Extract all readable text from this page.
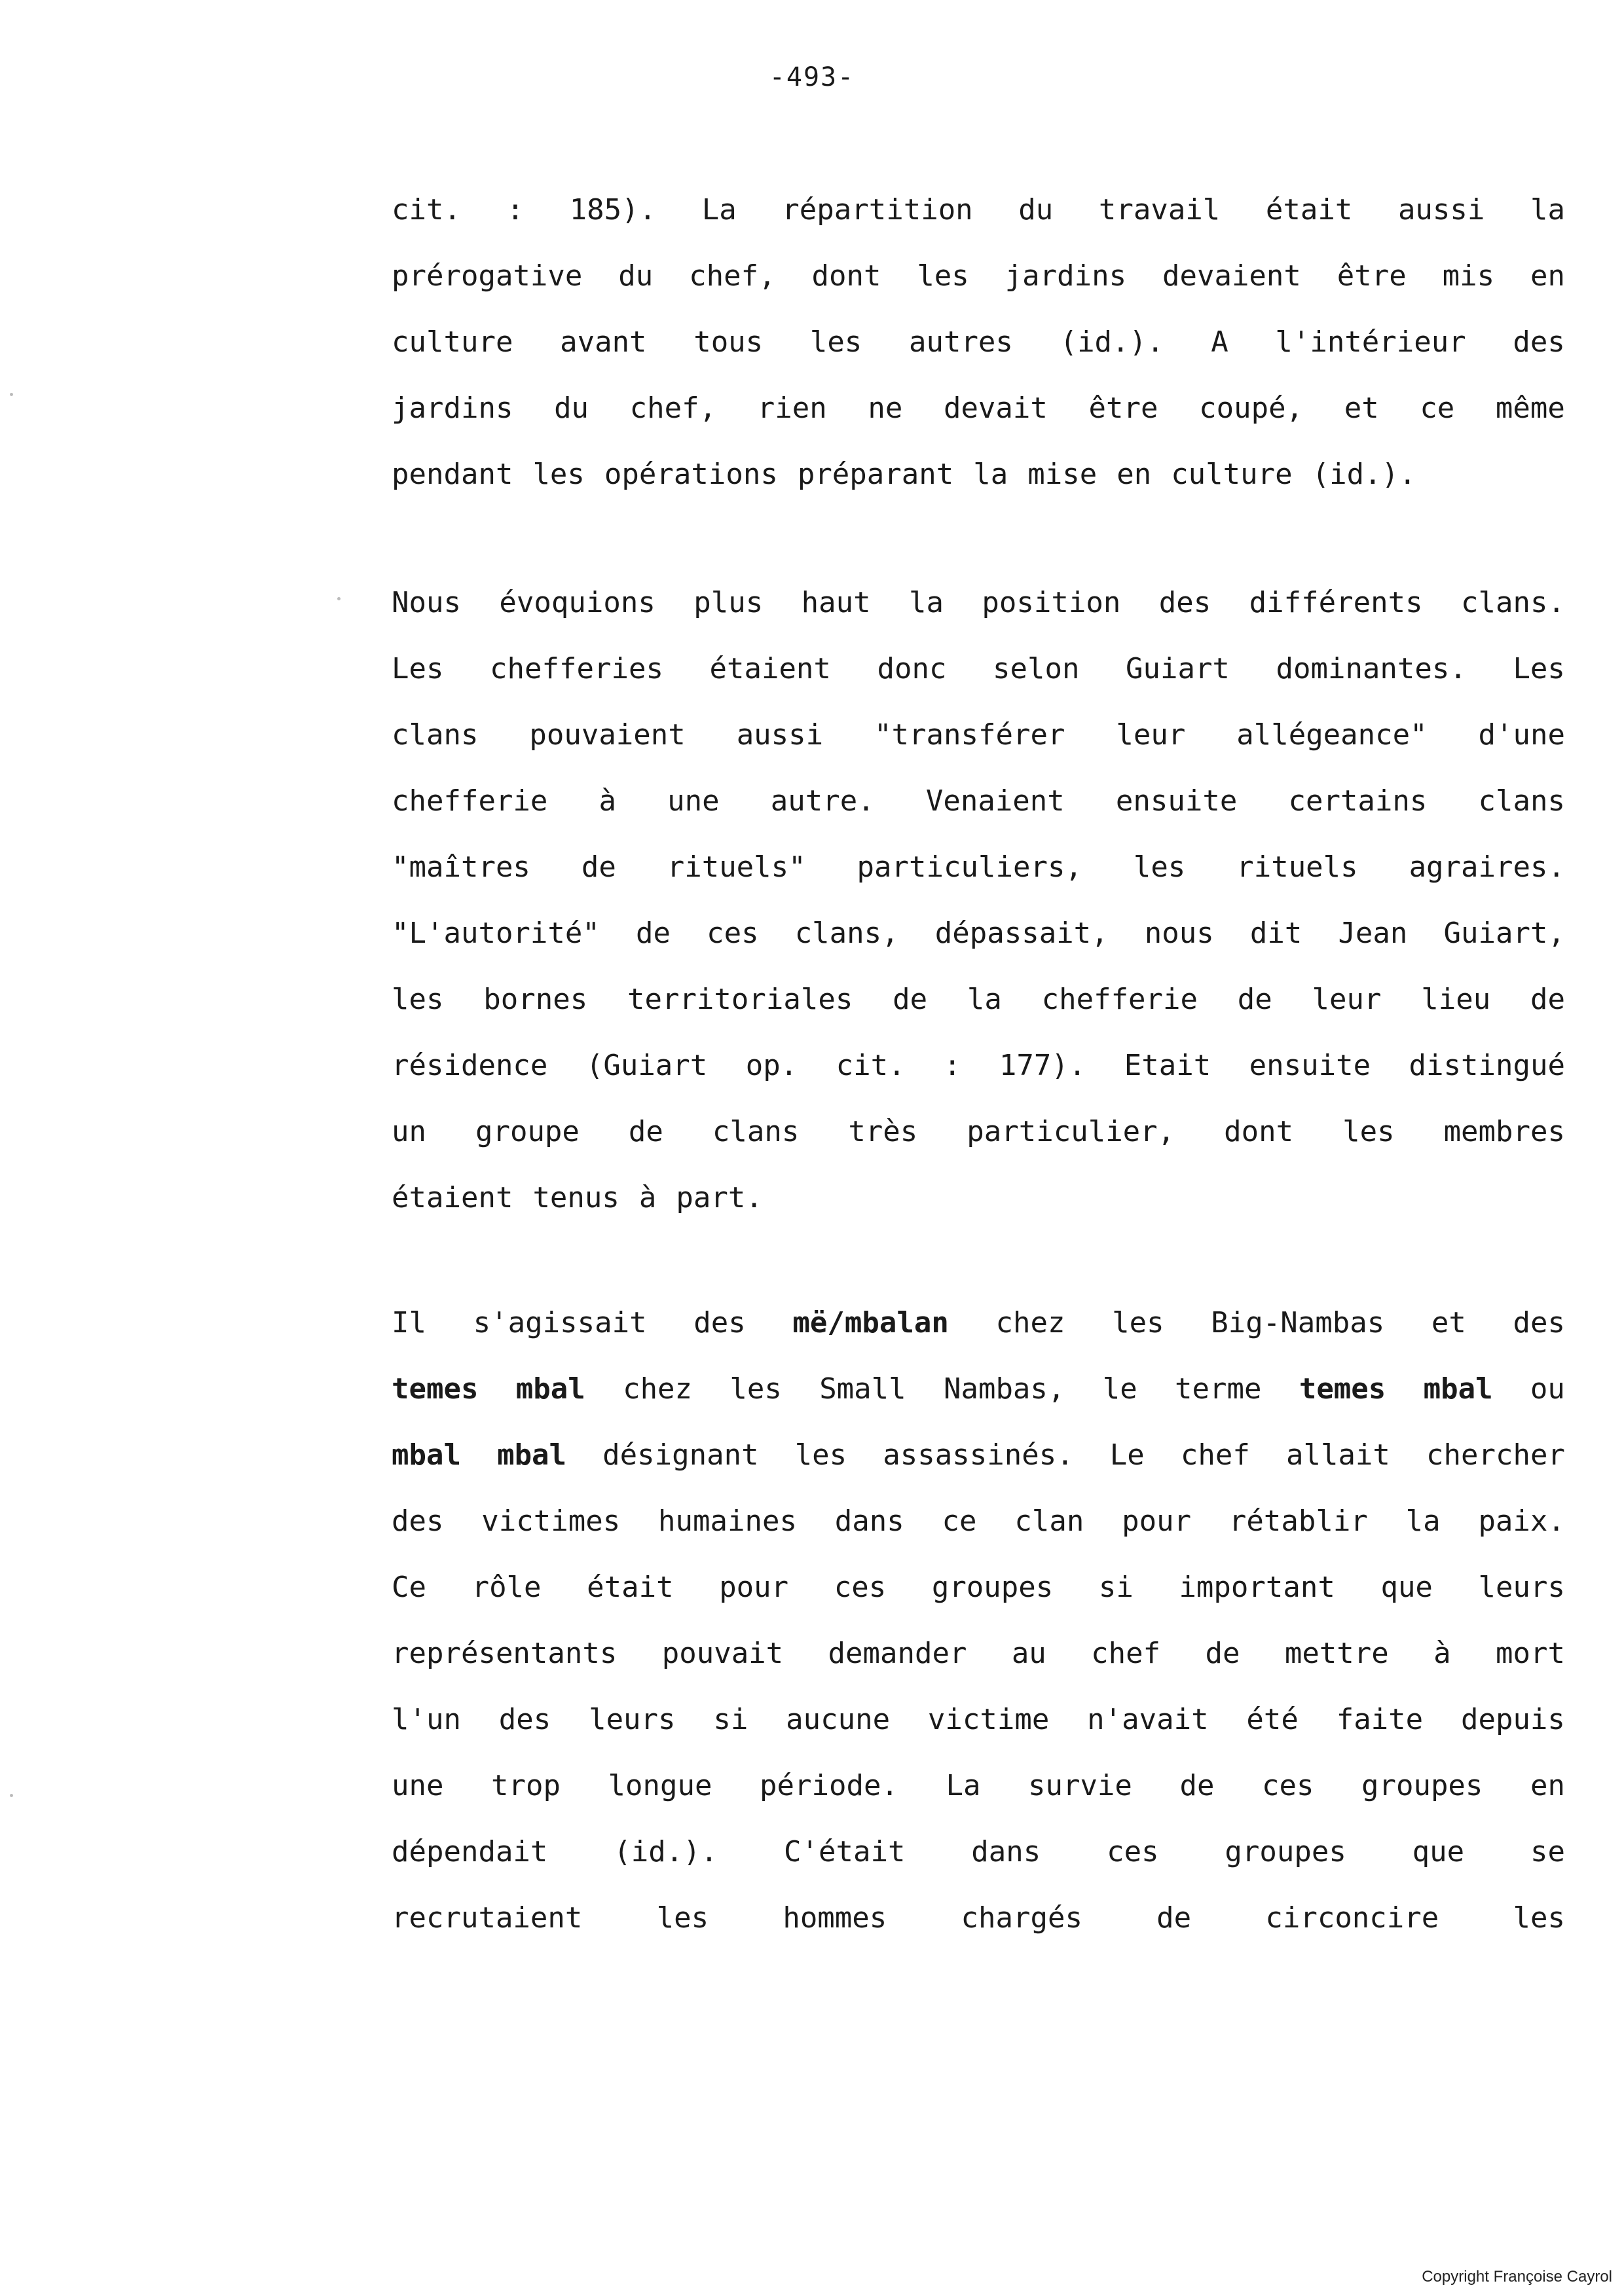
-493-
cit. : 185). La répartition du travail était aussi la
prérogative du chef, dont les jardins devaient être mis en
culture avant tous les autres (id.). A l'intérieur des
jardins du chef, rien ne devait être coupé, et ce même
pendant les opérations préparant la mise en culture (id.).
Nous évoquions plus haut la position des différents clans.
Les chefferies étaient donc selon Guiart dominantes. Les
clans pouvaient aussi "transférer leur allégeance" d'une
chefferie à une autre. Venaient ensuite certains clans
"maîtres de rituels" particuliers, les rituels agraires.
"L'autorité" de ces clans, dépassait, nous dit Jean Guiart,
les bornes territoriales de la chefferie de leur lieu de
résidence (Guiart op. cit. : 177). Etait ensuite distingué
un groupe de clans très particulier, dont les membres
étaient tenus à part.
Il s'agissait des më/mbalan chez les Big-Nambas et des
temes mbal chez les Small Nambas, le terme temes mbal ou
mbal mbal désignant les assassinés. Le chef allait chercher
des victimes humaines dans ce clan pour rétablir la paix.
Ce rôle était pour ces groupes si important que leurs
représentants pouvait demander au chef de mettre à mort
l'un des leurs si aucune victime n'avait été faite depuis
une trop longue période. La survie de ces groupes en
dépendait (id.). C'était dans ces groupes que se
recrutaient	les	hommes	chargés	de	circoncire	les
Copyright Françoise Cayrol
